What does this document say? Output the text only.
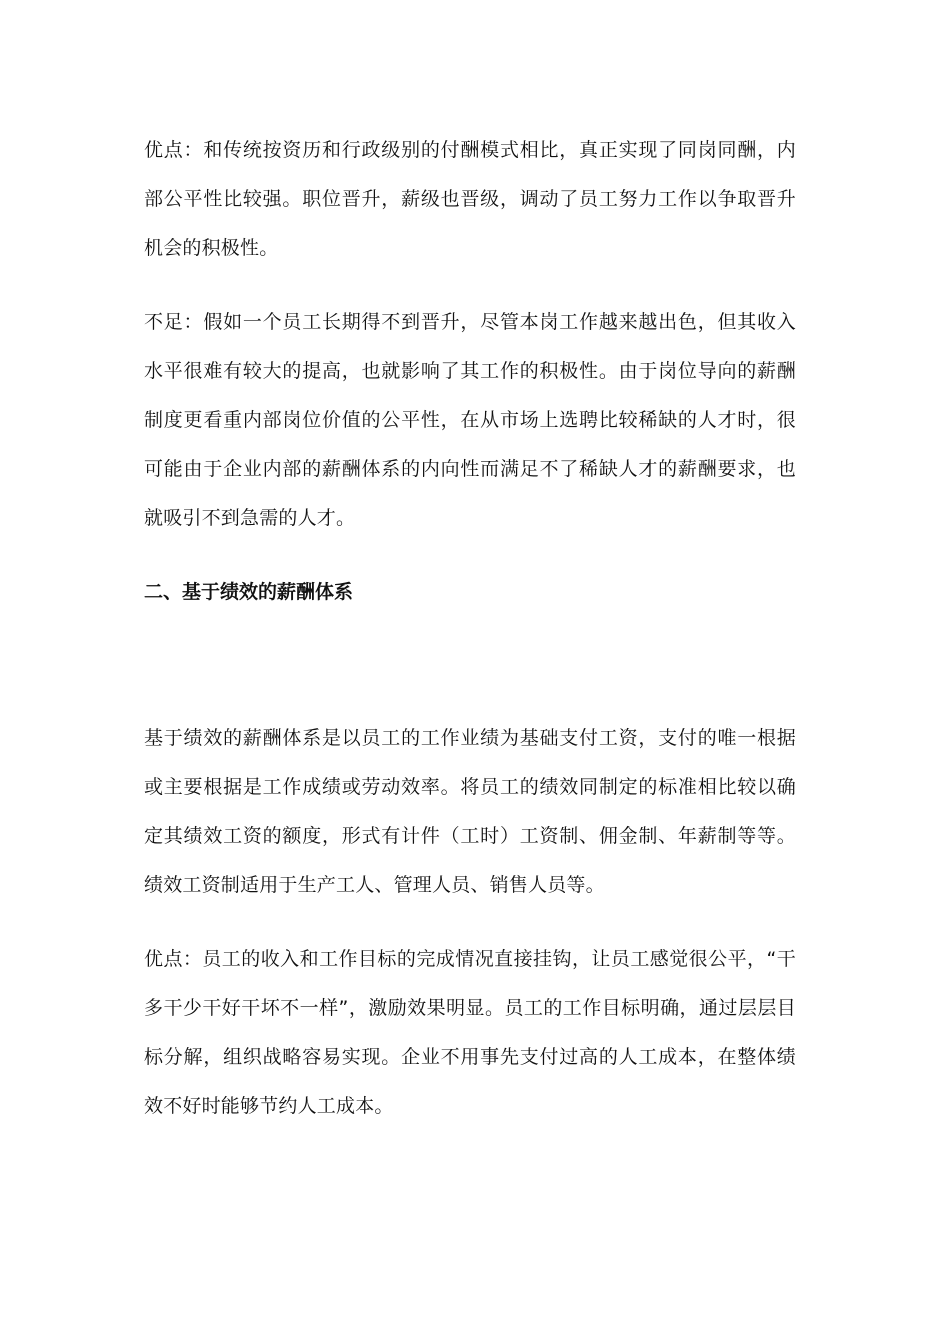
优点：和传统按资历和行政级别的付酬模式相比，真正实现了同岗同酬，内部公平性比较强。职位晋升，薪级也晋级，调动了员工努力工作以争取晋升机会的积极性。

不足：假如一个员工长期得不到晋升，尽管本岗工作越来越出色，但其收入水平很难有较大的提高，也就影响了其工作的积极性。由于岗位导向的薪酬制度更看重内部岗位价值的公平性，在从市场上选聘比较稀缺的人才时，很可能由于企业内部的薪酬体系的内向性而满足不了稀缺人才的薪酬要求，也就吸引不到急需的人才。

二、基于绩效的薪酬体系

基于绩效的薪酬体系是以员工的工作业绩为基础支付工资，支付的唯一根据或主要根据是工作成绩或劳动效率。将员工的绩效同制定的标准相比较以确定其绩效工资的额度，形式有计件（工时）工资制、佣金制、年薪制等等。绩效工资制适用于生产工人、管理人员、销售人员等。

优点：员工的收入和工作目标的完成情况直接挂钩，让员工感觉很公平，“干多干少干好干坏不一样”，激励效果明显。员工的工作目标明确，通过层层目标分解，组织战略容易实现。企业不用事先支付过高的人工成本，在整体绩效不好时能够节约人工成本。
